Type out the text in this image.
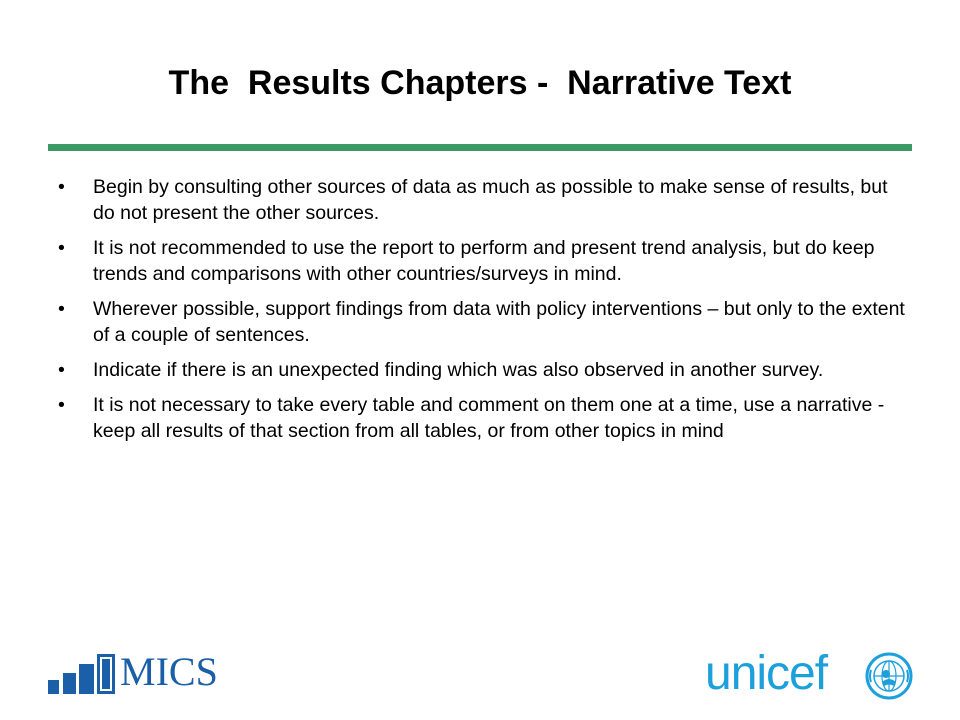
The  Results Chapters -  Narrative Text
•	Begin by consulting other sources of data as much as possible to make sense of results, but do not present the other sources.
•	It is not recommended to use the report to perform and present trend analysis, but do keep trends and comparisons with other countries/surveys in mind.
•	Wherever possible, support findings from data with policy interventions – but only to the extent of a couple of sentences.
•	Indicate if there is an unexpected finding which was also observed in another survey.
•	It is not necessary to take every table and comment on them one at a time, use a narrative - keep all results of that section from all tables, or from other topics in mind
MICS	unicef
